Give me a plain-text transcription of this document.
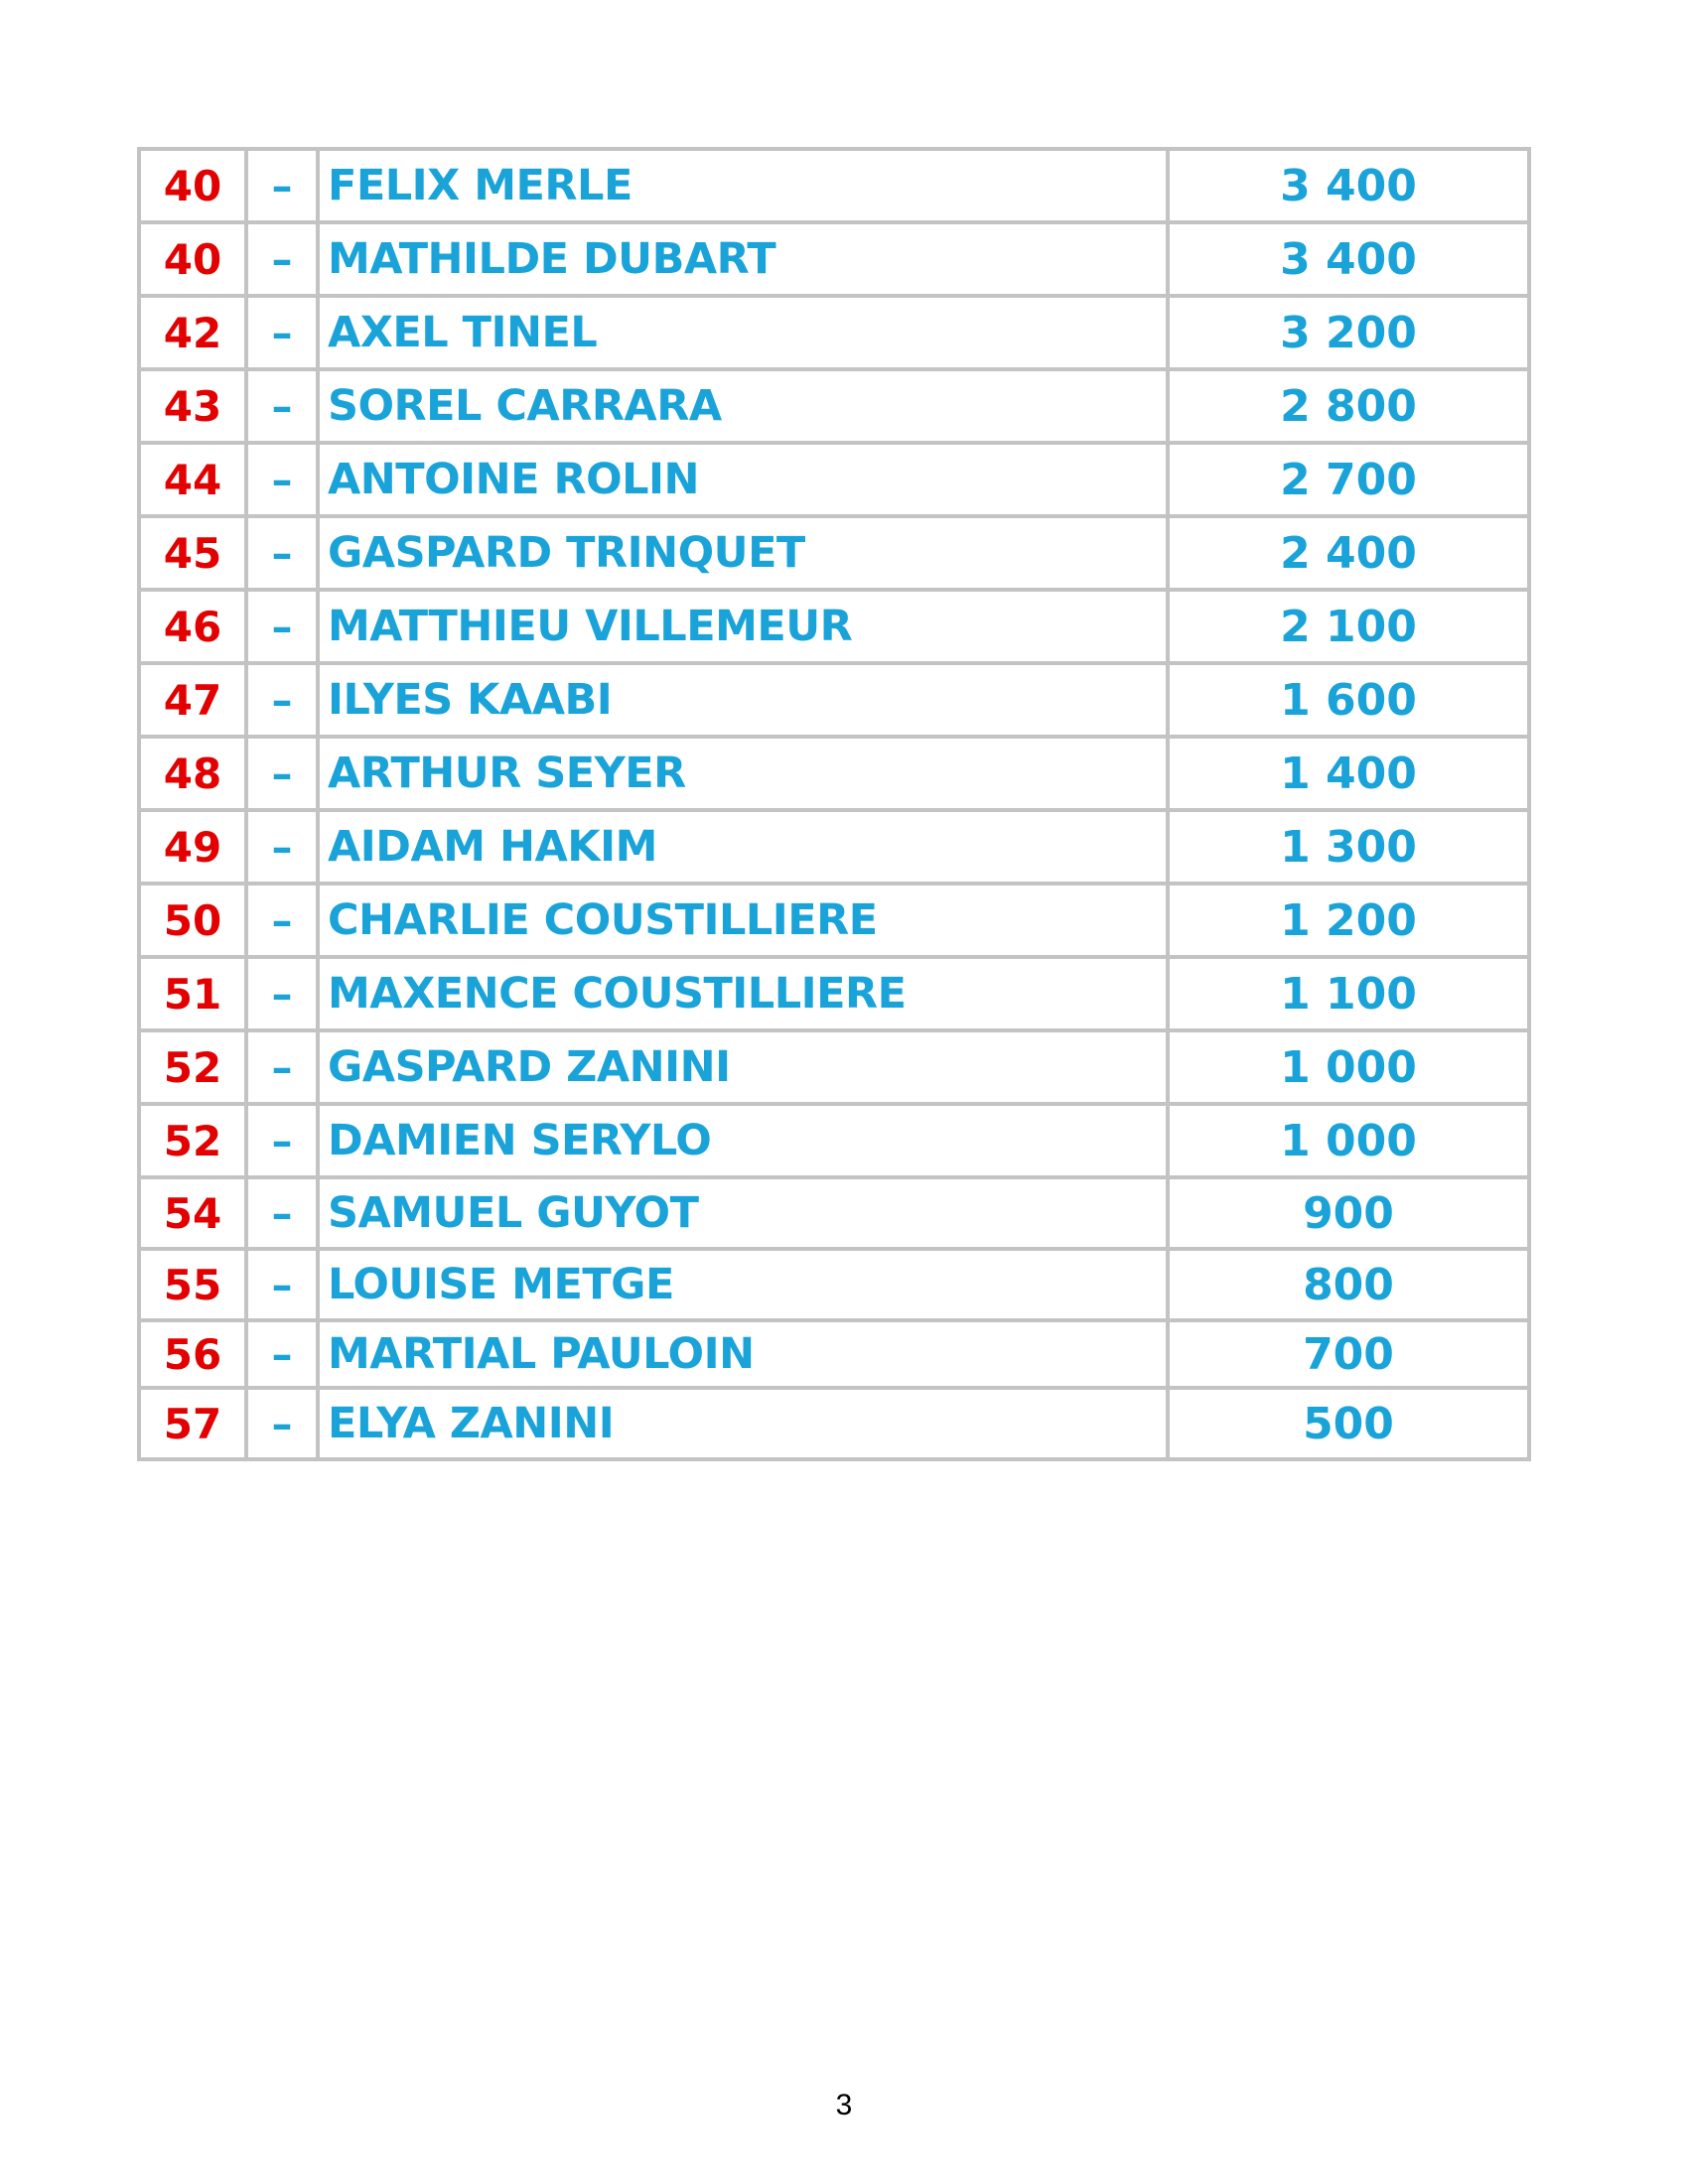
40	–	FELIX MERLE	3 400
40	–	MATHILDE DUBART	3 400
42	–	AXEL TINEL	3 200
43	–	SOREL CARRARA	2 800
44	–	ANTOINE ROLIN	2 700
45	–	GASPARD TRINQUET	2 400
46	–	MATTHIEU VILLEMEUR	2 100
47	–	ILYES KAABI	1 600
48	–	ARTHUR SEYER	1 400
49	–	AIDAM HAKIM	1 300
50	–	CHARLIE COUSTILLIERE	1 200
51	–	MAXENCE COUSTILLIERE	1 100
52	–	GASPARD ZANINI	1 000
52	–	DAMIEN SERYLO	1 000
54	–	SAMUEL GUYOT	900
55	–	LOUISE METGE	800
56	–	MARTIAL PAULOIN	700
57	–	ELYA ZANINI	500
3
